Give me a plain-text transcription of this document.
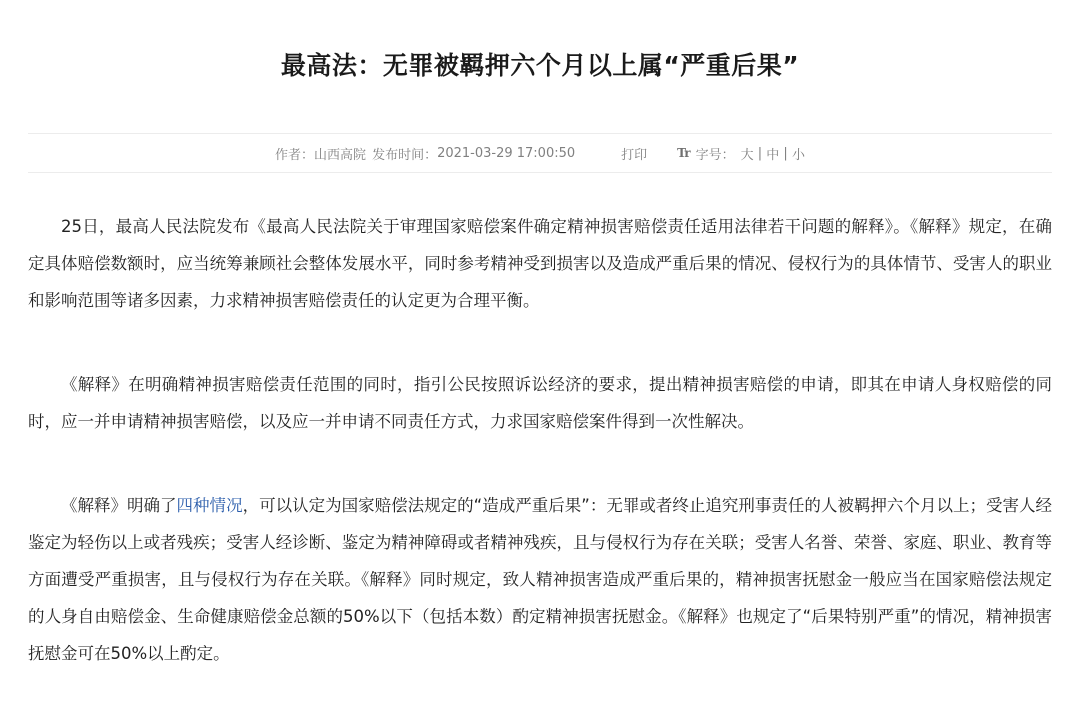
最高法：无罪被羁押六个月以上属“严重后果”
作者： 山西高院 发布时间： 2021-03-29 17:00:50	打印	Tr 字号： 大
|
中
|
小

25日，最高人民法院发布《最高人民法院关于审理国家赔偿案件确定精神损害赔偿责任适用法律若干问题的解释》。《解释》规定，在确定具体赔偿数额时，应当统筹兼顾社会整体发展水平，同时参考精神受到损害以及造成严重后果的情况、侵权行为的具体情节、受害人的职业和影响范围等诸多因素，力求精神损害赔偿责任的认定更为合理平衡。

《解释》在明确精神损害赔偿责任范围的同时，指引公民按照诉讼经济的要求，提出精神损害赔偿的申请，即其在申请人身权赔偿的同时，应一并申请精神损害赔偿，以及应一并申请不同责任方式，力求国家赔偿案件得到一次性解决。

《解释》明确了四种情况，可以认定为国家赔偿法规定的“造成严重后果”：无罪或者终止追究刑事责任的人被羁押六个月以上；受害人经鉴定为轻伤以上或者残疾；受害人经诊断、鉴定为精神障碍或者精神残疾，且与侵权行为存在关联；受害人名誉、荣誉、家庭、职业、教育等方面遭受严重损害，且与侵权行为存在关联。《解释》同时规定，致人精神损害造成严重后果的，精神损害抚慰金一般应当在国家赔偿法规定的人身自由赔偿金、生命健康赔偿金总额的50%以下（包括本数）酌定精神损害抚慰金。《解释》也规定了“后果特别严重”的情况，精神损害抚慰金可在50%以上酌定。
